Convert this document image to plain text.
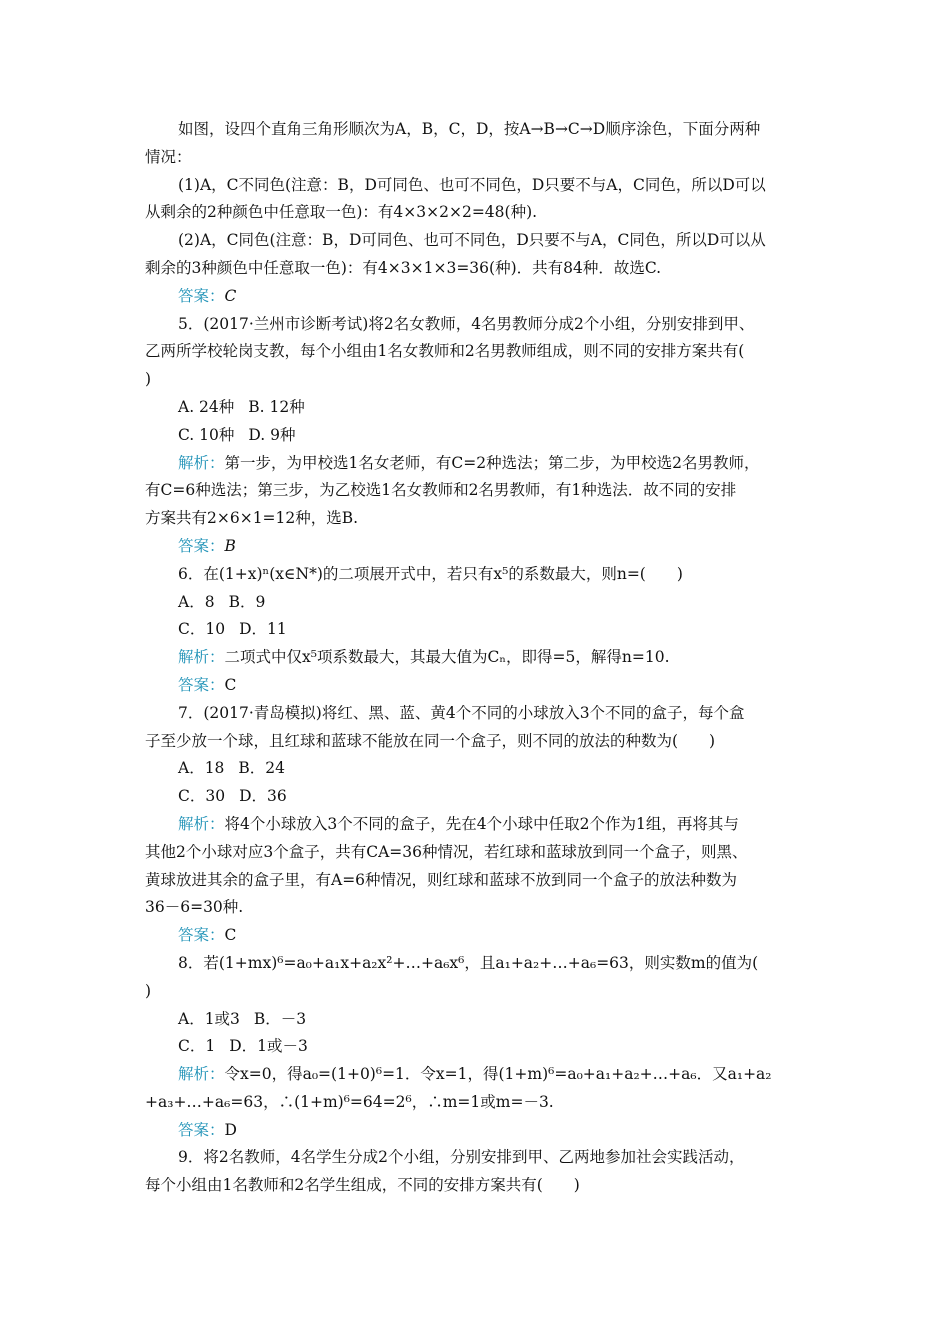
如图，设四个直角三角形顺次为A，B，C，D，按A→B→C→D顺序涂色，下面分两种
情况：
(1)A，C不同色(注意：B，D可同色、也可不同色，D只要不与A，C同色，所以D可以
从剩余的2种颜色中任意取一色)：有4×3×2×2=48(种).
(2)A，C同色(注意：B，D可同色、也可不同色，D只要不与A，C同色，所以D可以从
剩余的3种颜色中任意取一色)：有4×3×1×3=36(种)．共有84种．故选C.
答案：C
5．(2017·兰州市诊断考试)将2名女教师，4名男教师分成2个小组，分别安排到甲、
乙两所学校轮岗支教，每个小组由1名女教师和2名男教师组成，则不同的安排方案共有(
)
A. 24种 B. 12种
C. 10种 D. 9种
解析：第一步，为甲校选1名女老师，有C=2种选法；第二步，为甲校选2名男教师，
有C=6种选法；第三步，为乙校选1名女教师和2名男教师，有1种选法．故不同的安排
方案共有2×6×1=12种，选B.
答案：B
6．在(1+x)ⁿ(x∈N*)的二项展开式中，若只有x⁵的系数最大，则n=(　　)
A．8 B．9
C．10 D．11
解析：二项式中仅x⁵项系数最大，其最大值为Cₙ，即得=5，解得n=10.
答案：C
7．(2017·青岛模拟)将红、黑、蓝、黄4个不同的小球放入3个不同的盒子，每个盒
子至少放一个球，且红球和蓝球不能放在同一个盒子，则不同的放法的种数为(　　)
A．18 B．24
C．30 D．36
解析：将4个小球放入3个不同的盒子，先在4个小球中任取2个作为1组，再将其与
其他2个小球对应3个盒子，共有CA=36种情况，若红球和蓝球放到同一个盒子，则黑、
黄球放进其余的盒子里，有A=6种情况，则红球和蓝球不放到同一个盒子的放法种数为
36－6=30种.
答案：C
8．若(1+mx)⁶=a₀+a₁x+a₂x²+…+a₆x⁶，且a₁+a₂+…+a₆=63，则实数m的值为(
)
A．1或3 B．－3
C．1 D．1或－3
解析：令x=0，得a₀=(1+0)⁶=1．令x=1，得(1+m)⁶=a₀+a₁+a₂+…+a₆．又a₁+a₂
+a₃+…+a₆=63，∴(1+m)⁶=64=2⁶，∴m=1或m=－3.
答案：D
9．将2名教师，4名学生分成2个小组，分别安排到甲、乙两地参加社会实践活动，
每个小组由1名教师和2名学生组成，不同的安排方案共有(　　)
